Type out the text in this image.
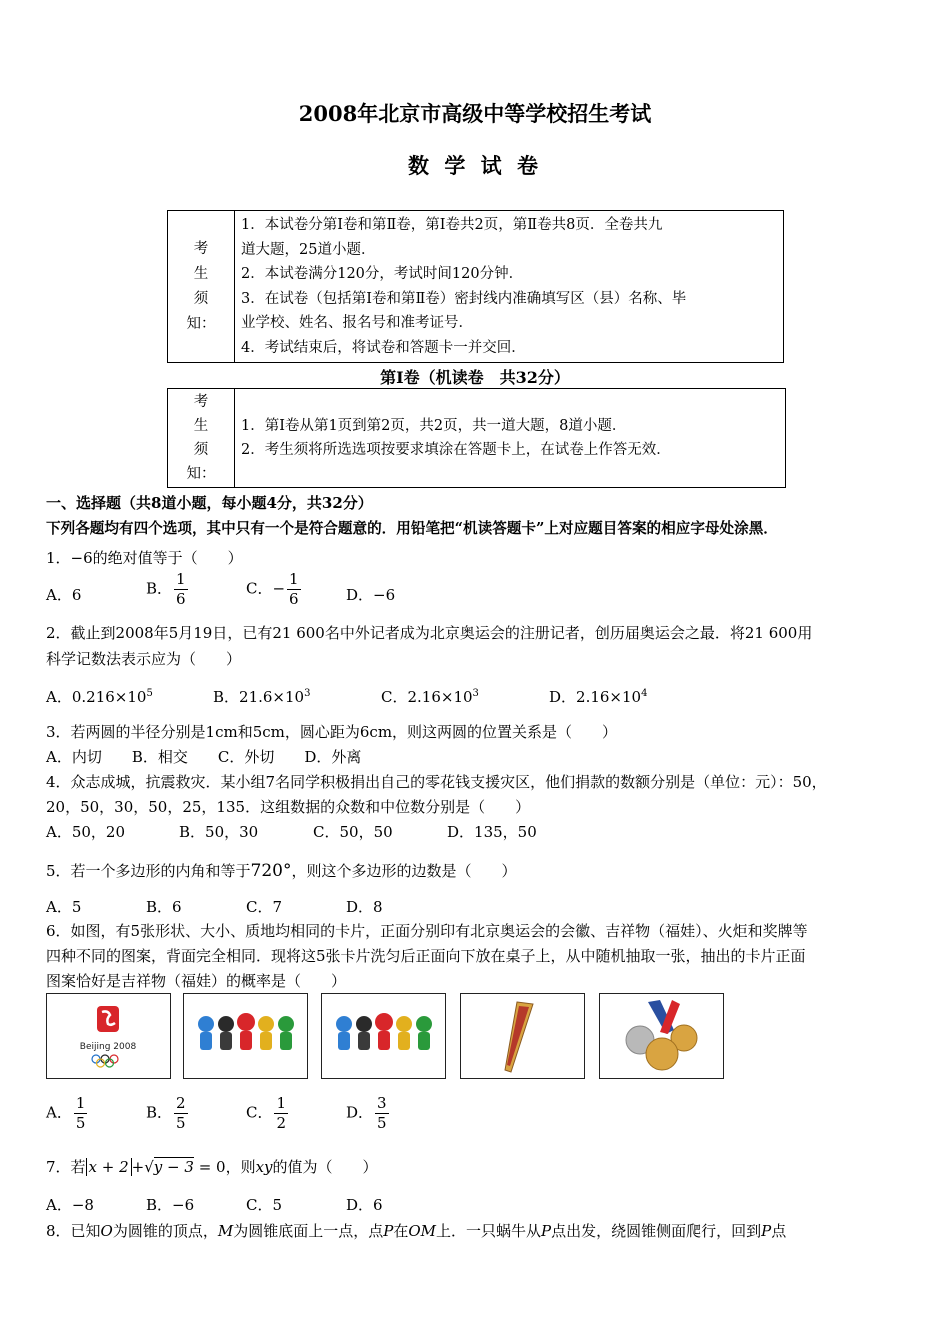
2008年北京市高级中等学校招生考试
数 学 试 卷
考
生
须
知：

1．本试卷分第Ⅰ卷和第Ⅱ卷，第Ⅰ卷共2页，第Ⅱ卷共8页．全卷共九
道大题，25道小题．
2．本试卷满分120分，考试时间120分钟．
3．在试卷（包括第Ⅰ卷和第Ⅱ卷）密封线内准确填写区（县）名称、毕
业学校、姓名、报名号和准考证号．
4．考试结束后，将试卷和答题卡一并交回．
第Ⅰ卷（机读卷　共32分）
考
生
须
知：

1．第Ⅰ卷从第1页到第2页，共2页，共一道大题，8道小题．
2．考生须将所选选项按要求填涂在答题卡上，在试卷上作答无效．
一、选择题（共8道小题，每小题4分，共32分）
下列各题均有四个选项，其中只有一个是符合题意的．用铅笔把“机读答题卡”上对应题目答案的相应字母处涂黑．
1．−6的绝对值等于（　　）
A．6	B． $\frac{1}{6}$	C．− $\frac{1}{6}$	D．−6
2．截止到2008年5月19日，已有21 600名中外记者成为北京奥运会的注册记者，创历届奥运会之最．将21 600用
科学记数法表示应为（　　）
A．$0.216\times 10^5$	B．$21.6\times 10^3$	C．$2.16\times 10^3$	D．$2.16\times 10^4$
3．若两圆的半径分别是1cm和5cm，圆心距为6cm，则这两圆的位置关系是（　　）
A．内切　　B．相交　　C．外切　　D．外离
4．众志成城，抗震救灾．某小组7名同学积极捐出自己的零花钱支援灾区，他们捐款的数额分别是（单位：元）：50，
20，50，30，50，25，135．这组数据的众数和中位数分别是（　　）
A．50，20	B．50，30	C．50，50	D．135，50
5．若一个多边形的内角和等于720°，则这个多边形的边数是（　　）
A．5	B．6	C．7	D．8
6．如图，有5张形状、大小、质地均相同的卡片，正面分别印有北京奥运会的会徽、吉祥物（福娃）、火炬和奖牌等
四种不同的图案，背面完全相同．现将这5张卡片洗匀后正面向下放在桌子上，从中随机抽取一张，抽出的卡片正面
图案恰好是吉祥物（福娃）的概率是（　　）
Beijing 2008
A． $\frac{1}{5}$	B． $\frac{2}{5}$	C． $\frac{1}{2}$	D． $\frac{3}{5}$
7．若 x + 2 +√y − 3 = 0，则xy的值为（　　）
A．−8	B．−6	C．5	D．6
8．已知O为圆锥的顶点，M为圆锥底面上一点，点P在OM上．一只蜗牛从P点出发，绕圆锥侧面爬行，回到P点
